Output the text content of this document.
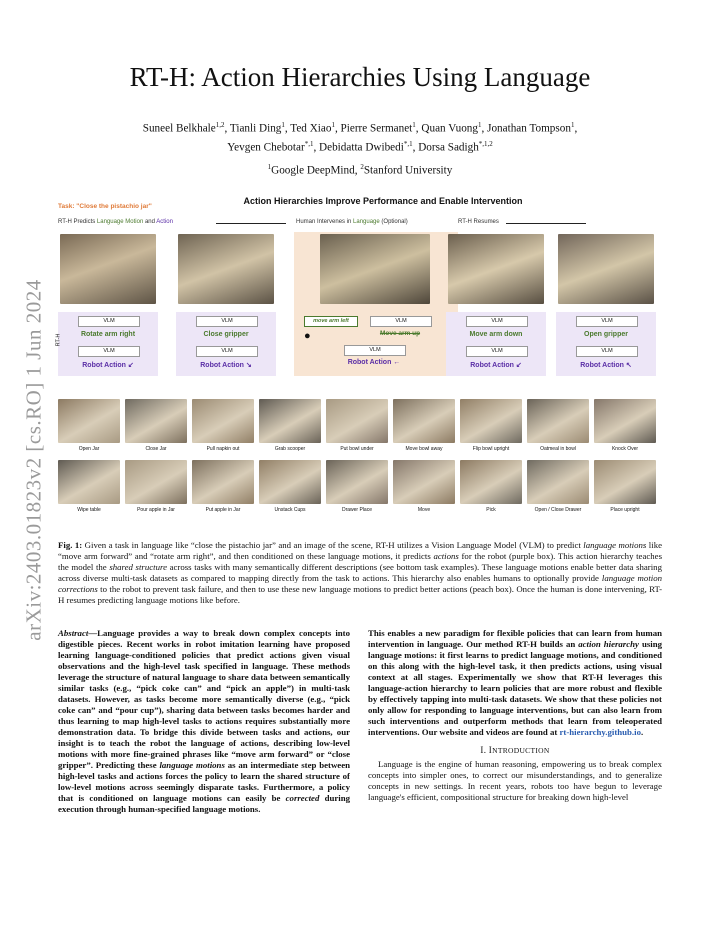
arXiv:2403.01823v2 [cs.RO] 1 Jun 2024
RT-H: Action Hierarchies Using Language
Suneel Belkhale$^{1,2}$, Tianli Ding$^1$, Ted Xiao$^1$, Pierre Sermanet$^1$, Quan Vuong$^1$, Jonathan Tompson$^1$,
Yevgen Chebotar$^{*,1}$, Debidatta Dwibedi$^{*,1}$, Dorsa Sadigh$^{*,1,2}$
$^1$Google DeepMind, $^2$Stanford University
Action Hierarchies Improve Performance and Enable Intervention
Task: "Close the pistachio jar"
RT-H Predicts Language Motion and Action	Human Intervenes in Language (Optional)	RT-H Resumes
VLM
Rotate arm right
VLM
Robot Action ↙
RT-H
VLM
Close gripper
VLM
Robot Action ↘
move arm left	VLM
●	Move arm up
VLM
Robot Action ←
VLM
Move arm down
VLM
Robot Action ↙
VLM
Open gripper
VLM
Robot Action ↖
Open Jar	Close Jar	Pull napkin out	Grab scooper	Put bowl under	Move bowl away	Flip bowl upright	Oatmeal in bowl	Knock Over
Wipe table	Pour apple in Jar	Put apple in Jar	Unstack Cups	Drawer Place	Move	Pick	Open / Close Drawer	Place upright
Fig. 1: Given a task in language like “close the pistachio jar” and an image of the scene, RT-H utilizes a Vision Language Model (VLM) to predict language motions like “move arm forward” and “rotate arm right”, and then conditioned on these language motions, it predicts actions for the robot (purple box). This action hierarchy teaches the model the shared structure across tasks with many semantically different descriptions (see bottom task examples). These language motions enable better data sharing across diverse multi-task datasets as compared to mapping directly from the task to actions. This hierarchy also enables humans to optionally provide language motion corrections to the robot to prevent task failure, and then to use these new language motions to predict better actions (peach box). Once the human is done intervening, RT-H resumes predicting language motions like before.
Abstract—Language provides a way to break down complex concepts into digestible pieces. Recent works in robot imitation learning have proposed learning language-conditioned policies that predict actions given visual observations and the high-level task specified in language. These methods leverage the structure of natural language to share data between semantically similar tasks (e.g., “pick coke can” and “pick an apple”) in multi-task datasets. However, as tasks become more semantically diverse (e.g., “pick coke can” and “pour cup”), sharing data between tasks becomes harder and thus learning to map high-level tasks to actions requires substantially more demonstration data. To bridge this divide between tasks and actions, our insight is to teach the robot the language of actions, describing low-level motions with more fine-grained phrases like “move arm forward” or “close gripper”. Predicting these language motions as an intermediate step between high-level tasks and actions forces the policy to learn the shared structure of low-level motions across seemingly disparate tasks. Furthermore, a policy that is conditioned on language motions can easily be corrected during execution through human-specified language motions.
This enables a new paradigm for flexible policies that can learn from human intervention in language. Our method RT-H builds an action hierarchy using language motions: it first learns to predict language motions, and conditioned on this along with the high-level task, it then predicts actions, using visual context at all stages. Experimentally we show that RT-H leverages this language-action hierarchy to learn policies that are more robust and flexible by effectively tapping into multi-task datasets. We show that these policies not only allow for responding to language interventions, but can also learn from such interventions and outperform methods that learn from teleoperated interventions. Our website and videos are found at rt-hierarchy.github.io.
I. INTRODUCTION
Language is the engine of human reasoning, empowering us to break complex concepts into simpler ones, to correct our misunderstandings, and to generalize concepts in new settings. In recent years, robots too have begun to leverage language's efficient, compositional structure for breaking down high-level
